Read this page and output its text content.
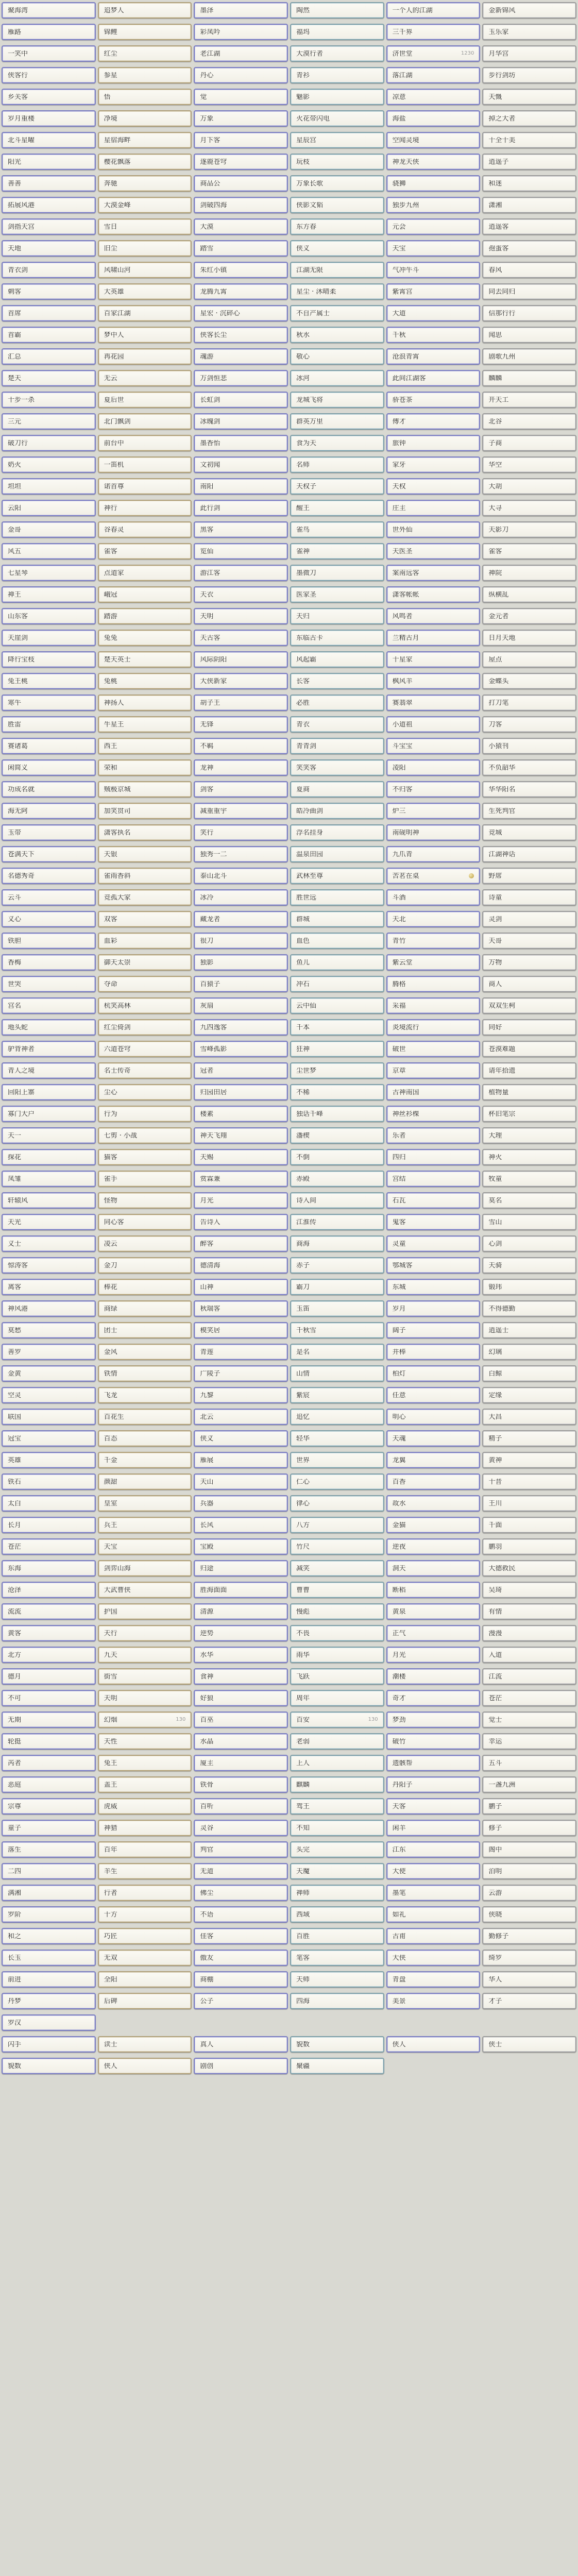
聚海湾	追梦人	墨泽	陶然	一个人的江湖	金新锦风
雁路	锦鲤	彩凤吟	福坞	三千界	玉乐家
一笑中	红尘	老江湖	大漠行者	济世堂	1230 月华宫
侠客行	参星	丹心	青衫	落江湖	步行剑坊
乡关客	悟	觉	魅影	凉意	天慨
岁月重楼	净境	万象	火花带闪电	海盐	掉之大者
北斗星曜	星宿海畔	月下客	星辰宫	空闻灵境	十全十美
阳光	樱花飘落	逐鹿苍穹	玩枝	神龙天侠	逍遥子
善善	奔驰	商品公	万象长歌	骁狮	和迷
拓展风港	大漠金峰	剑破四海	侠影文韬	独步九州	潇湘
剑指天宫	雪日	大漠	东方春	元会	逍遥客
天地	旧尘	踏雪	侠义	天宝	孢蛋客
青衣剑	风啸山河	朱红小镇	江湖无限	气冲牛斗	春风
刺客	大英雄	龙腾九霄	星尘 · 沐晴柔	紫霄宫	同去同归
首席	百家江湖	星宏 · 沉碎心	不自产属士	大道	信那行行
首霸	梦中人	侠客长尘	秋水	千秋	闻思
汇总	再花园	魂游	敬心	沧浪青霄	剧歌九州
楚天	无云	万剑恒悲	冰河	此间江湖客	麟麟
十步一杀	夏后世	长虹剑	龙城飞将	骄苍茶	开天工
三元	北门飘剑	冰魄剑	群英万里	傅才	北谷
破刀行	前台中	墨香怡	食为天	旅钟	子商
奶火	一笛机	文初闻	名师	家牙	华空
坦坦	诺首尊	南阳	天权子	天权	大胡
云阳	神行	此行剑	醒王	庄主	大寻
金哥	谷春灵	黑客	雀鸟	世外仙	天影刀
风五	雀客	览仙	雀神	天医圣	雀客
七星琴	点道家	游江客	墨微刀	案南远客	禅院
禅王	峨冠	天衣	医家圣	潇客帐帐	纵横乱
山东客	踏游	天明	天归	风鸣者	金元者
天崖剑	兔兔	天古客	东临古卡	兰精古月	日月天地
降行宝枝	楚天英士	风际阴阳	风起霸	十星家	屋点
兔王桃	兔桃	大侠新家	长客	枫风羊	金蝶头
寒牛	神扬人	胡子王	必胜	赛翡翠	打刀笔
胜雷	牛星王	无锋	青衣	小道祖	刀客
赛诸葛	西王	不羁	青青剑	斗宝宝	小猿刊
闲简义	荣和	龙神	笑笑客	凌阳	不负韶华
功成名就	贼极京城	剑客	夏商	不归客	华华阳名
海无阿	加笑贯司	减重重宇	皓冷曲剑	炉三	生死判官
玉带	潇客执名	笑行	浮名挂身	南砚明神	竞城
苍满天下	天银	独秀一二	温泉田园	九爪青	江湖神话
名德秀奇	雀雨香斜	泰山北斗	武林至尊	苦茗在桌	野席
云斗	竞孤大家	冰冷	胜世远	斗酒	诗童
义心	双客	藏龙者	群城	天北	灵剑
铁胆	血彩	很刀	血色	青竹	天哥
香梅	御天太崇	独影	鱼儿	紫云堂	万物
世哭	夺命	百猿子	冲石	腾格	商人
宫名	杭笑高林	灰扇	云中仙	采福	双双生柯
地头蛇	红尘倚剑	九四逸客	千本	炎境流行	同好
驴背神者	六道苍穹	雪峰孤影	狂神	破世	苍漠难题
青人之境	名士传奇	冠者	尘世梦	京章	请年拾遗
回阳上寨	尘心	归园田居	不稀	古神南国	植物量
寡门大户	行为	楼素	独话千峰	神丝衫棵	杯旧笔宗
天一	七剪 · 小战	神天飞翔	潘楔	乐者	大理
探花	猫客	天赐	不倒	四归	神火
凤雏	雀手	赏霖兼	赤殿	宫结	牧童
轩辕风	怪物	月光	诗入间	石瓦	莫名
天光	同心客	告诗入	江淮传	鬼客	雪山
义士	凌云	醉客	商海	灵童	心剑
惊涛客	金刀	德清海	赤子	鄂城客	天骑
离客	棒花	山神	霸刀	东城	锻玮
神风港	商绿	秋瑞客	玉笛	岁月	不得德勤
莫愁	团士	模笑居	千秋雪	阔子	逍遥士
善罗	金风	青莲	是名	并棒	幻璃
金黄	铁情	广陵子	山情	柏灯	白鲸
空灵	飞龙	九黎	紫宸	任意	定缘
联国	百花生	北云	追忆	明心	大昌
冠宝	百态	侠义	轻华	天魂	精子
英雄	千金	雁展	世界	龙翼	黄神
铁石	颜甜	天山	仁心	百香	十昔
太白	皇室	兵器	律心	故水	王川
长月	兵王	长风	八方	金猫	千面
苍茫	天宝	宝殿	竹尺	逆夜	鹏羽
东海	剑弈山海	归途	减笑	洞天	大德救民
沧泽	大武曹侠	胜海面面	曹曹	断稻	吴琦
流流	护国	清源	慢彪	黄泉	有情
黄客	天行	逆势	不畏	正气	漫漫
北方	九天	水华	雨华	月光	入道
德月	街雪	食神	飞跃	潮楼	江流
不可	天明	好狼	周年	奇才	苍茫
无期	幻烟	130 百巫	百安	130 梦劲	觉士
轮挺	天性	水晶	老弱	破竹	幸运
芮者	兔王	厦主	上人	遗骸帮	五斗
恶庭	盖王	铁骨	麒麟	丹阳子	一盏九洲
宗尊	虎威	百听	驾王	天客	鹏子
童子	神猎	灵谷	不知	闲羊	修子
落生	百年	判官	头完	江东	阁中
二四	羊生	无道	天魔	大使	泊明
满湘	行者	佛尘	禅师	墨笔	云游
罗阶	十方	不语	西域	如礼	侠晓
和之	巧匠	佳客	百胜	古甫	勤修子
长玉	无双	傲友	笔客	大侠	绮罗
前进	全阳	商棚	天师	青盘	华人
丹梦	后碑	公子	四海	美景	才子
罗汉
闪手	读士	真人	貌数	侠人	侠士
貌数	侠人	剧创	聚疆
